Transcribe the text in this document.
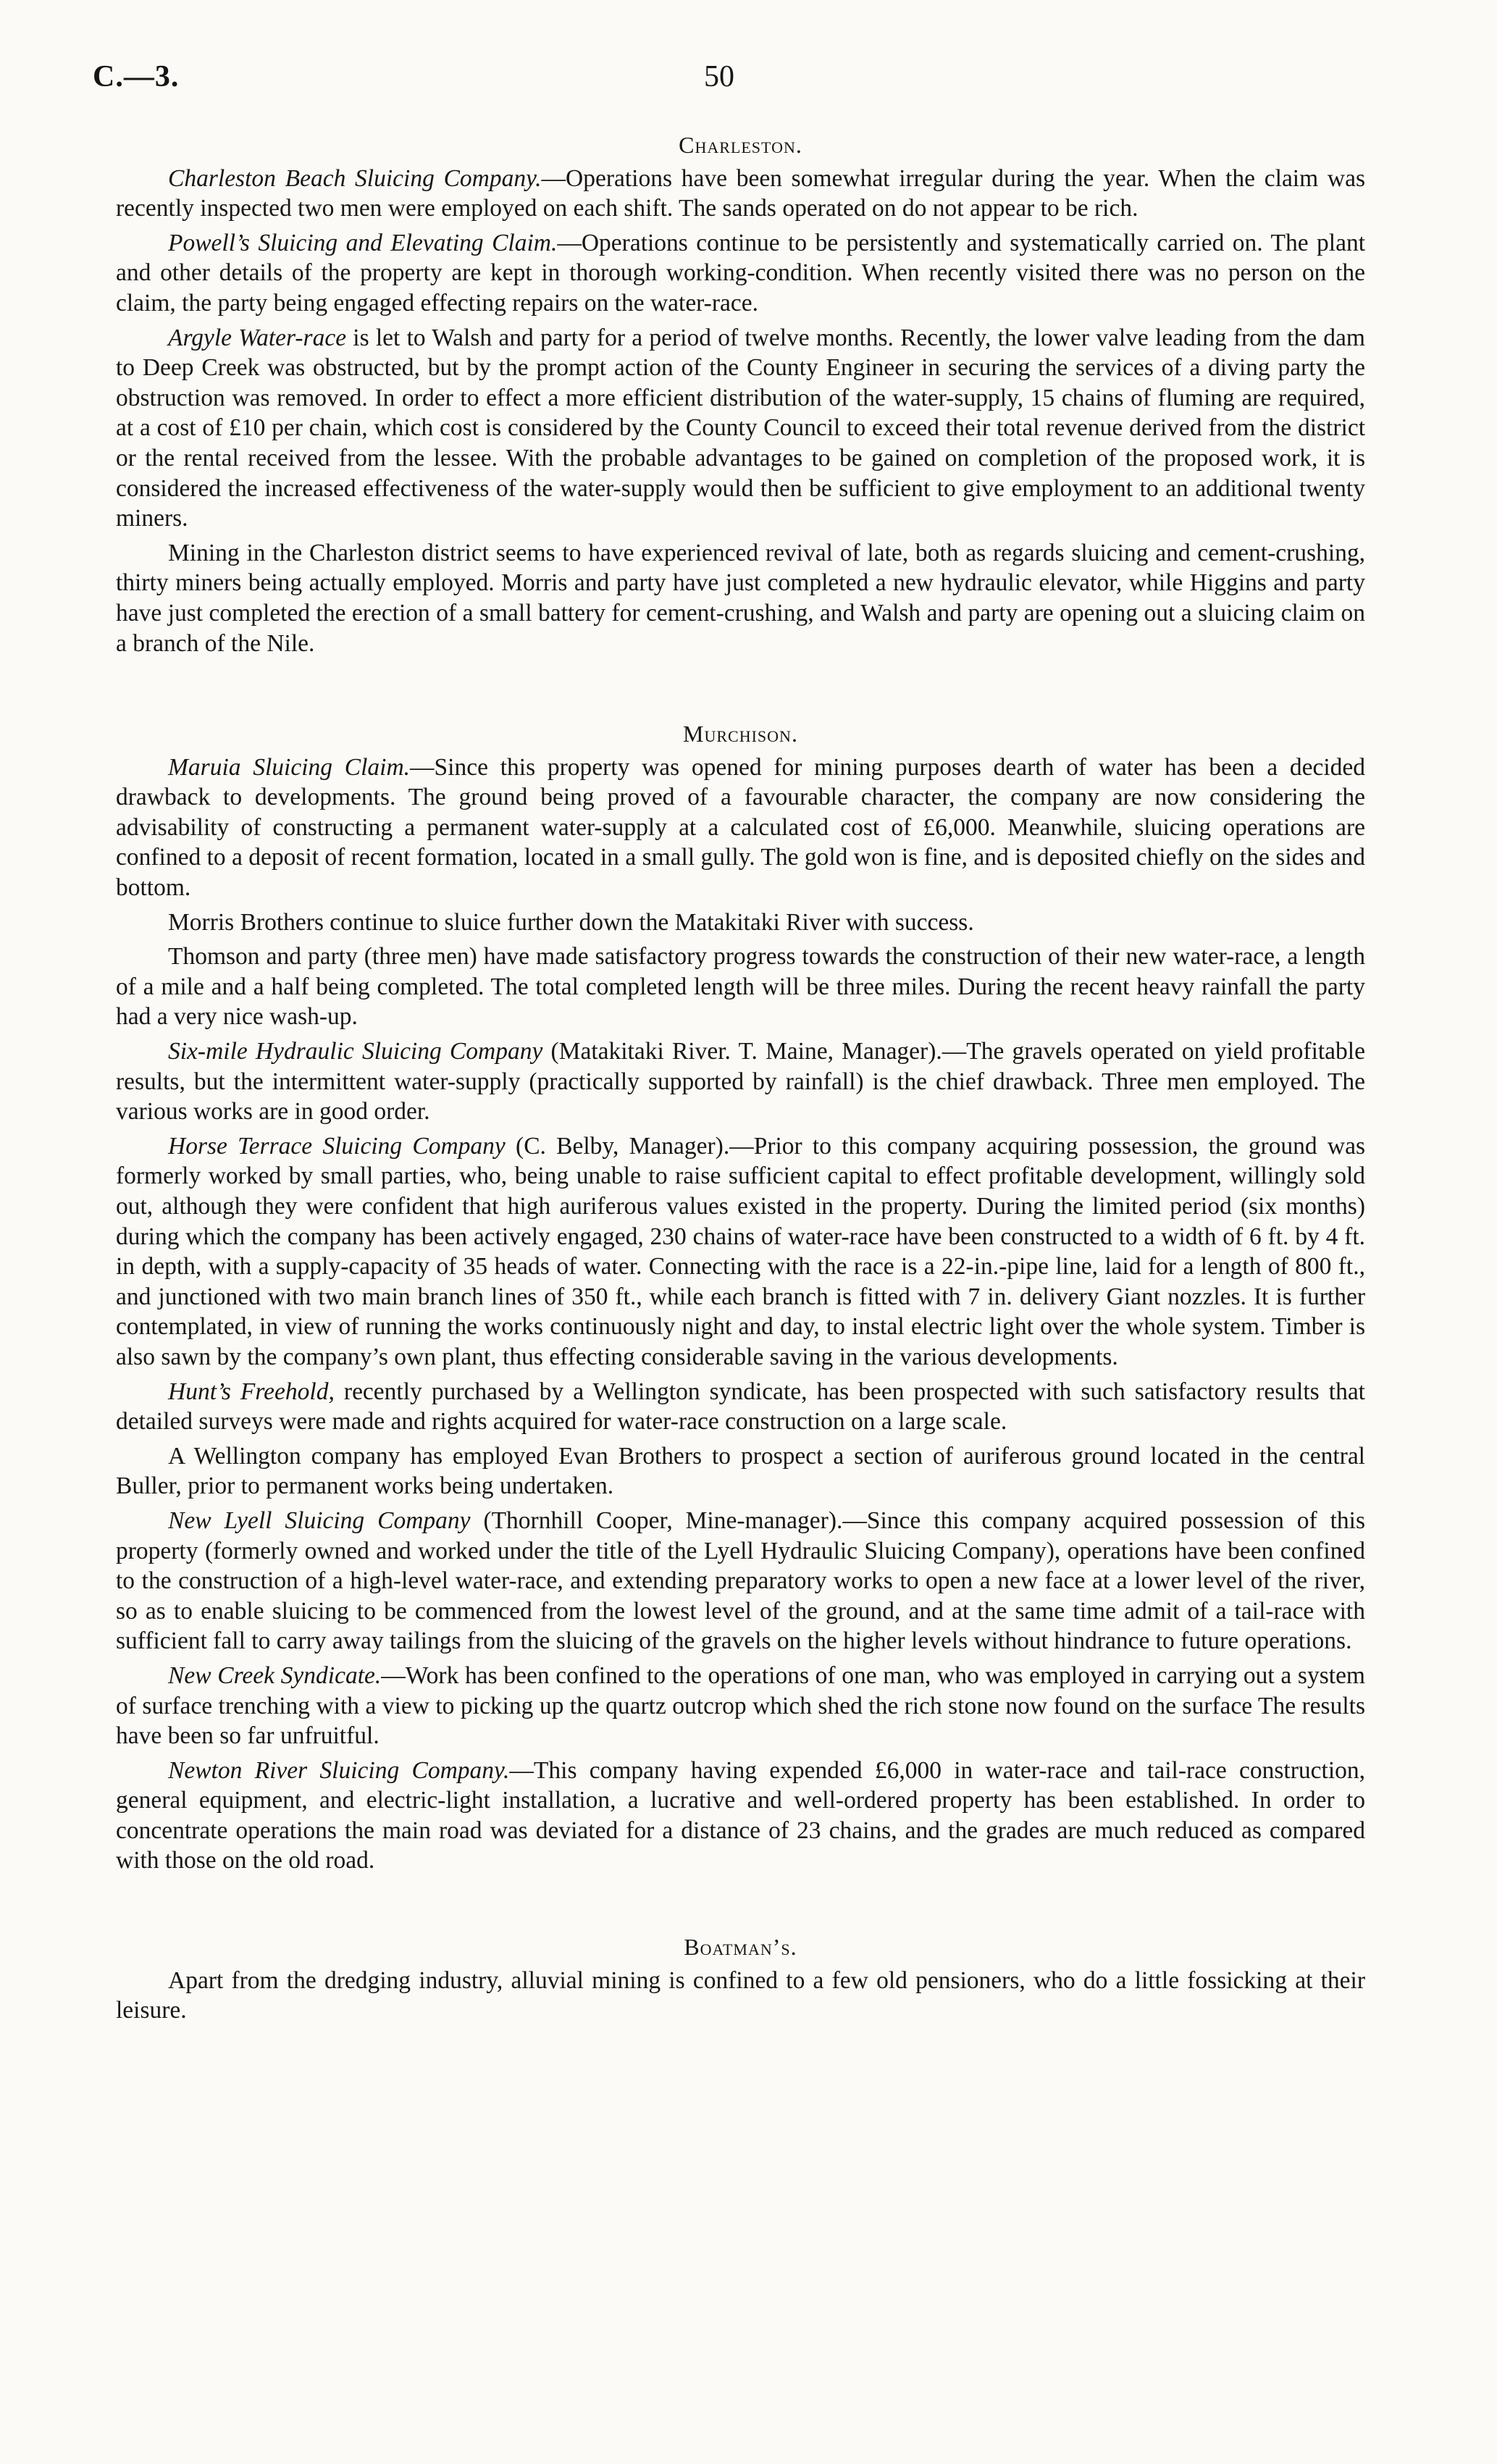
C.—3.	50
Charleston.

Charleston Beach Sluicing Company.—Operations have been somewhat irregular during the year. When the claim was recently inspected two men were employed on each shift. The sands operated on do not appear to be rich.

Powell’s Sluicing and Elevating Claim.—Operations continue to be persistently and systematically carried on. The plant and other details of the property are kept in thorough working-condition. When recently visited there was no person on the claim, the party being engaged effecting repairs on the water-race.

Argyle Water-race is let to Walsh and party for a period of twelve months. Recently, the lower valve leading from the dam to Deep Creek was obstructed, but by the prompt action of the County Engineer in securing the services of a diving party the obstruction was removed. In order to effect a more efficient distribution of the water-supply, 15 chains of fluming are required, at a cost of £10 per chain, which cost is considered by the County Council to exceed their total revenue derived from the district or the rental received from the lessee. With the probable advantages to be gained on completion of the proposed work, it is considered the increased effectiveness of the water-supply would then be sufficient to give employment to an additional twenty miners.

Mining in the Charleston district seems to have experienced revival of late, both as regards sluicing and cement-crushing, thirty miners being actually employed. Morris and party have just completed a new hydraulic elevator, while Higgins and party have just completed the erection of a small battery for cement-crushing, and Walsh and party are opening out a sluicing claim on a branch of the Nile.

Murchison.

Maruia Sluicing Claim.—Since this property was opened for mining purposes dearth of water has been a decided drawback to developments. The ground being proved of a favourable character, the company are now considering the advisability of constructing a permanent water-supply at a calculated cost of £6,000. Meanwhile, sluicing operations are confined to a deposit of recent formation, located in a small gully. The gold won is fine, and is deposited chiefly on the sides and bottom.

Morris Brothers continue to sluice further down the Matakitaki River with success.

Thomson and party (three men) have made satisfactory progress towards the construction of their new water-race, a length of a mile and a half being completed. The total completed length will be three miles. During the recent heavy rainfall the party had a very nice wash-up.

Six-mile Hydraulic Sluicing Company (Matakitaki River. T. Maine, Manager).—The gravels operated on yield profitable results, but the intermittent water-supply (practically supported by rainfall) is the chief drawback. Three men employed. The various works are in good order.

Horse Terrace Sluicing Company (C. Belby, Manager).—Prior to this company acquiring possession, the ground was formerly worked by small parties, who, being unable to raise sufficient capital to effect profitable development, willingly sold out, although they were confident that high auriferous values existed in the property. During the limited period (six months) during which the company has been actively engaged, 230 chains of water-race have been constructed to a width of 6 ft. by 4 ft. in depth, with a supply-capacity of 35 heads of water. Connecting with the race is a 22-in.-pipe line, laid for a length of 800 ft., and junctioned with two main branch lines of 350 ft., while each branch is fitted with 7 in. delivery Giant nozzles. It is further contemplated, in view of running the works continuously night and day, to instal electric light over the whole system. Timber is also sawn by the company’s own plant, thus effecting considerable saving in the various developments.

Hunt’s Freehold, recently purchased by a Wellington syndicate, has been prospected with such satisfactory results that detailed surveys were made and rights acquired for water-race construction on a large scale.

A Wellington company has employed Evan Brothers to prospect a section of auriferous ground located in the central Buller, prior to permanent works being undertaken.

New Lyell Sluicing Company (Thornhill Cooper, Mine-manager).—Since this company acquired possession of this property (formerly owned and worked under the title of the Lyell Hydraulic Sluicing Company), operations have been confined to the construction of a high-level water-race, and extending preparatory works to open a new face at a lower level of the river, so as to enable sluicing to be commenced from the lowest level of the ground, and at the same time admit of a tail-race with sufficient fall to carry away tailings from the sluicing of the gravels on the higher levels without hindrance to future operations.

New Creek Syndicate.—Work has been confined to the operations of one man, who was employed in carrying out a system of surface trenching with a view to picking up the quartz outcrop which shed the rich stone now found on the surface The results have been so far unfruitful.

Newton River Sluicing Company.—This company having expended £6,000 in water-race and tail-race construction, general equipment, and electric-light installation, a lucrative and well-ordered property has been established. In order to concentrate operations the main road was deviated for a distance of 23 chains, and the grades are much reduced as compared with those on the old road.

Boatman’s.

Apart from the dredging industry, alluvial mining is confined to a few old pensioners, who do a little fossicking at their leisure.
